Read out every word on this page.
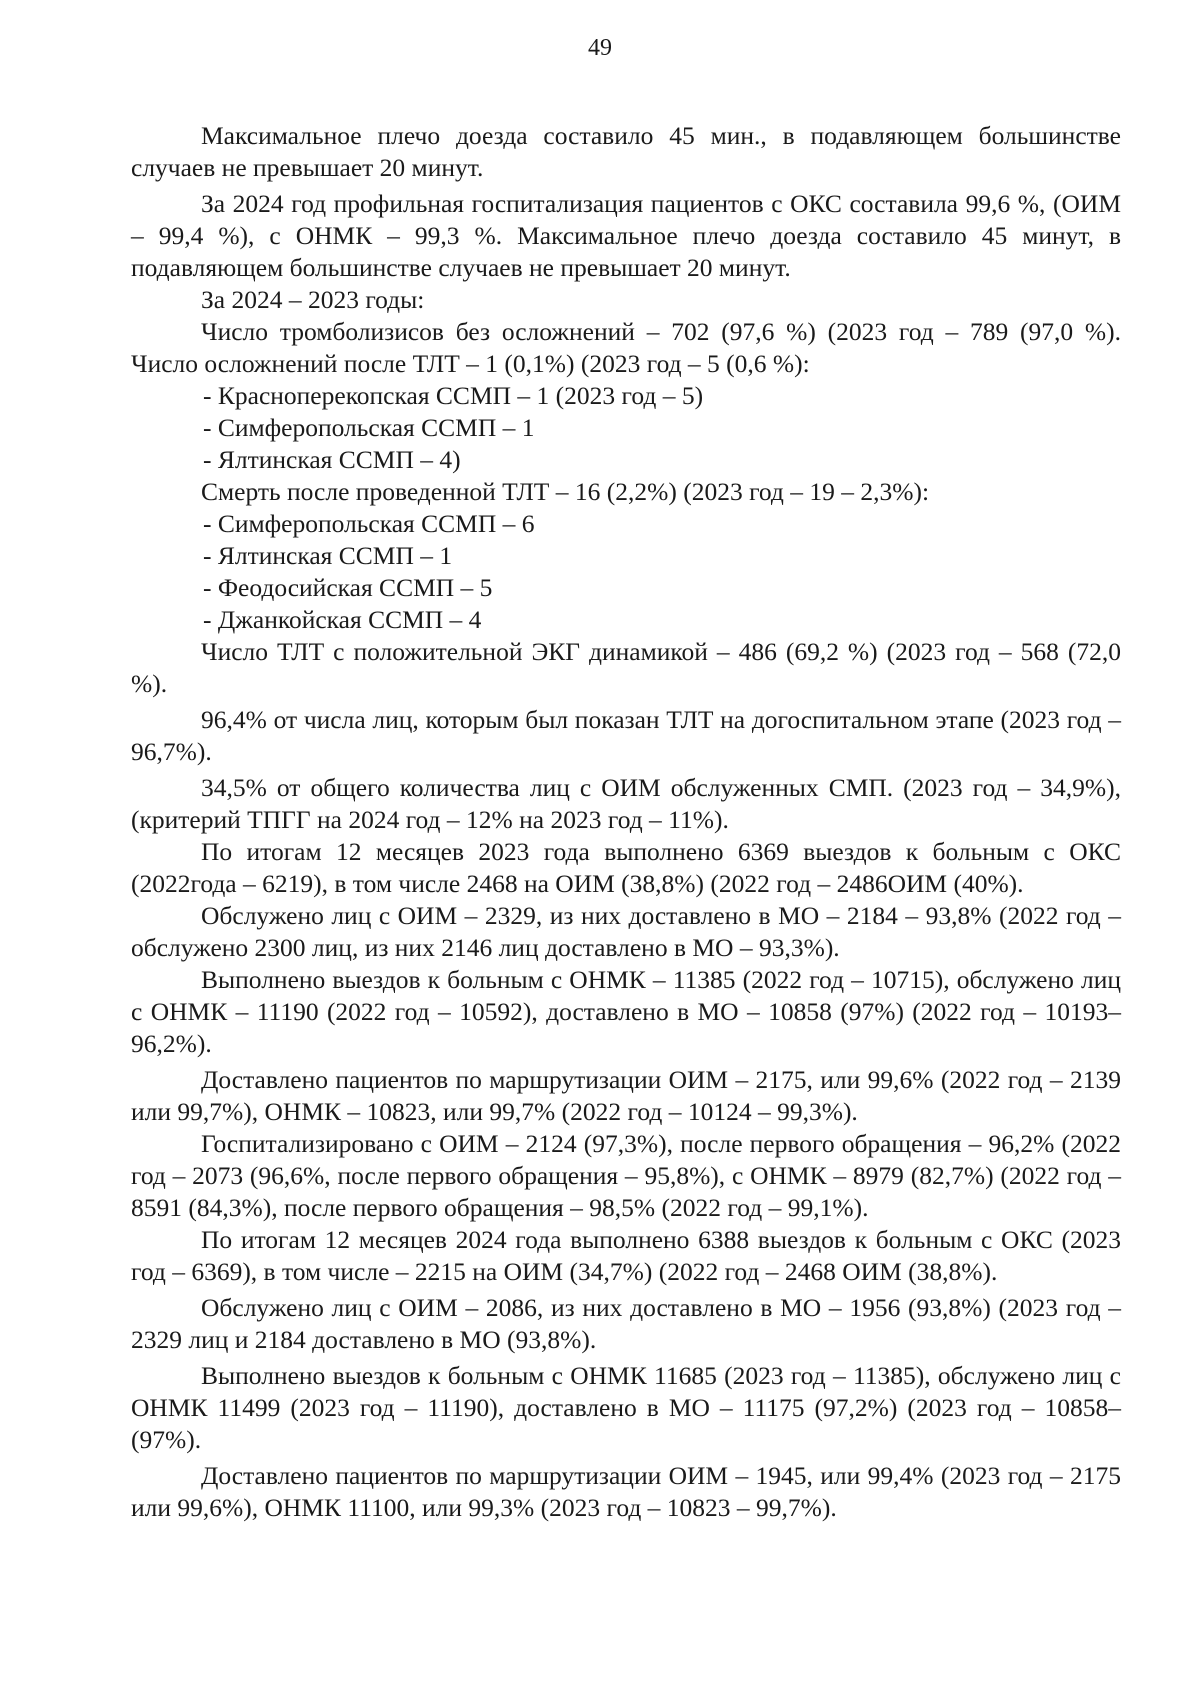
49

Максимальное плечо доезда составило 45 мин., в подавляющем большинстве случаев не превышает 20 минут.

За 2024 год профильная госпитализация пациентов с ОКС составила 99,6 %, (ОИМ – 99,4 %), с ОНМК – 99,3 %. Максимальное плечо доезда составило 45 минут, в подавляющем большинстве случаев не превышает 20 минут.

За 2024 – 2023 годы:

Число тромболизисов без осложнений – 702 (97,6 %) (2023 год – 789 (97,0 %). Число осложнений после ТЛТ – 1 (0,1%) (2023 год – 5 (0,6 %):

- Красноперекопская ССМП – 1 (2023 год – 5)

- Симферопольская ССМП – 1

- Ялтинская ССМП – 4)

Смерть после проведенной ТЛТ – 16 (2,2%) (2023 год – 19 – 2,3%):

- Симферопольская ССМП – 6

- Ялтинская ССМП – 1

- Феодосийская ССМП – 5

- Джанкойская ССМП – 4

Число ТЛТ с положительной ЭКГ динамикой – 486 (69,2 %) (2023 год – 568 (72,0 %).

96,4% от числа лиц, которым был показан ТЛТ на догоспитальном этапе (2023 год – 96,7%).

34,5% от общего количества лиц с ОИМ обслуженных СМП. (2023 год – 34,9%), (критерий ТПГГ на 2024 год – 12% на 2023 год – 11%).

По итогам 12 месяцев 2023 года выполнено 6369 выездов к больным с ОКС (2022года – 6219), в том числе 2468 на ОИМ (38,8%) (2022 год – 2486ОИМ (40%).

Обслужено лиц с ОИМ – 2329, из них доставлено в МО – 2184 – 93,8% (2022 год – обслужено 2300 лиц, из них 2146 лиц доставлено в МО – 93,3%).

Выполнено выездов к больным с ОНМК – 11385 (2022 год – 10715), обслужено лиц с ОНМК – 11190 (2022 год – 10592), доставлено в МО – 10858 (97%) (2022 год – 10193– 96,2%).

Доставлено пациентов по маршрутизации ОИМ – 2175, или 99,6% (2022 год – 2139 или 99,7%), ОНМК – 10823, или 99,7% (2022 год – 10124 – 99,3%).

Госпитализировано с ОИМ – 2124 (97,3%), после первого обращения – 96,2% (2022 год – 2073 (96,6%, после первого обращения – 95,8%), с ОНМК – 8979 (82,7%) (2022 год – 8591 (84,3%), после первого обращения – 98,5% (2022 год – 99,1%).

По итогам 12 месяцев 2024 года выполнено 6388 выездов к больным с ОКС (2023 год – 6369), в том числе – 2215 на ОИМ (34,7%) (2022 год – 2468 ОИМ (38,8%).

Обслужено лиц с ОИМ – 2086, из них доставлено в МО – 1956 (93,8%) (2023 год – 2329 лиц и 2184 доставлено в МО (93,8%).

Выполнено выездов к больным с ОНМК 11685 (2023 год – 11385), обслужено лиц с ОНМК 11499 (2023 год – 11190), доставлено в МО – 11175 (97,2%) (2023 год – 10858– (97%).

Доставлено пациентов по маршрутизации ОИМ – 1945, или 99,4% (2023 год – 2175 или 99,6%), ОНМК 11100, или 99,3% (2023 год – 10823 – 99,7%).
